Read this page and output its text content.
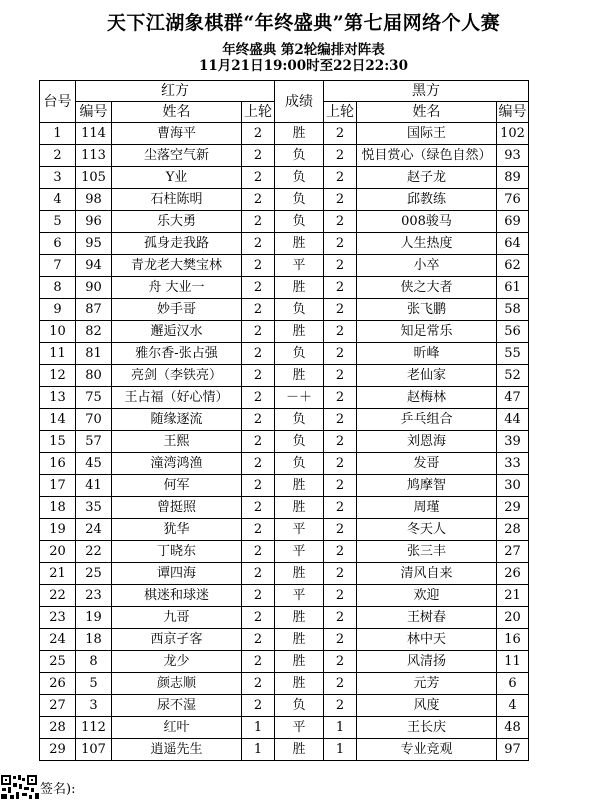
天下江湖象棋群“年终盛典”第七届网络个人赛
年终盛典 第2轮编排对阵表
11月21日19:00时至22日22:30
台号	红方			成绩	黑方		
	编号	姓名	上轮		上轮	姓名	编号
1	114	曹海平	2	胜	2	国际王	102
2	113	尘落空气新	2	负	2	悦目赏心（绿色自然）	93
3	105	Y业	2	负	2	赵子龙	89
4	98	石柱陈明	2	负	2	邱教练	76
5	96	乐大勇	2	负	2	008骏马	69
6	95	孤身走我路	2	胜	2	人生热度	64
7	94	青龙老大樊宝林	2	平	2	小卒	62
8	90	舟 大业一	2	胜	2	侠之大者	61
9	87	妙手哥	2	负	2	张飞鹏	58
10	82	邂逅汉水	2	胜	2	知足常乐	56
11	81	雅尔香-张占强	2	负	2	昕峰	55
12	80	亮剑（李铁亮）	2	胜	2	老仙家	52
13	75	王占福（好心情）	2	－＋	2	赵梅林	47
14	70	随缘逐流	2	负	2	乒乓组合	44
15	57	王熙	2	负	2	刘恩海	39
16	45	潼湾鸿渔	2	负	2	发哥	33
17	41	何军	2	胜	2	鸠摩智	30
18	35	曾挺照	2	胜	2	周瑾	29
19	24	犹华	2	平	2	冬天人	28
20	22	丁晓东	2	平	2	张三丰	27
21	25	谭四海	2	胜	2	清风自来	26
22	23	棋迷和球迷	2	平	2	欢迎	21
23	19	九哥	2	胜	2	王树春	20
24	18	西京孑客	2	胜	2	林中天	16
25	8	龙少	2	胜	2	风清扬	11
26	5	颜志顺	2	胜	2	元芳	6
27	3	尿不湿	2	负	2	风度	4
28	112	红叶	1	平	1	王长庆	48
29	107	逍遥先生	1	胜	1	专业竞观	97
签名):
